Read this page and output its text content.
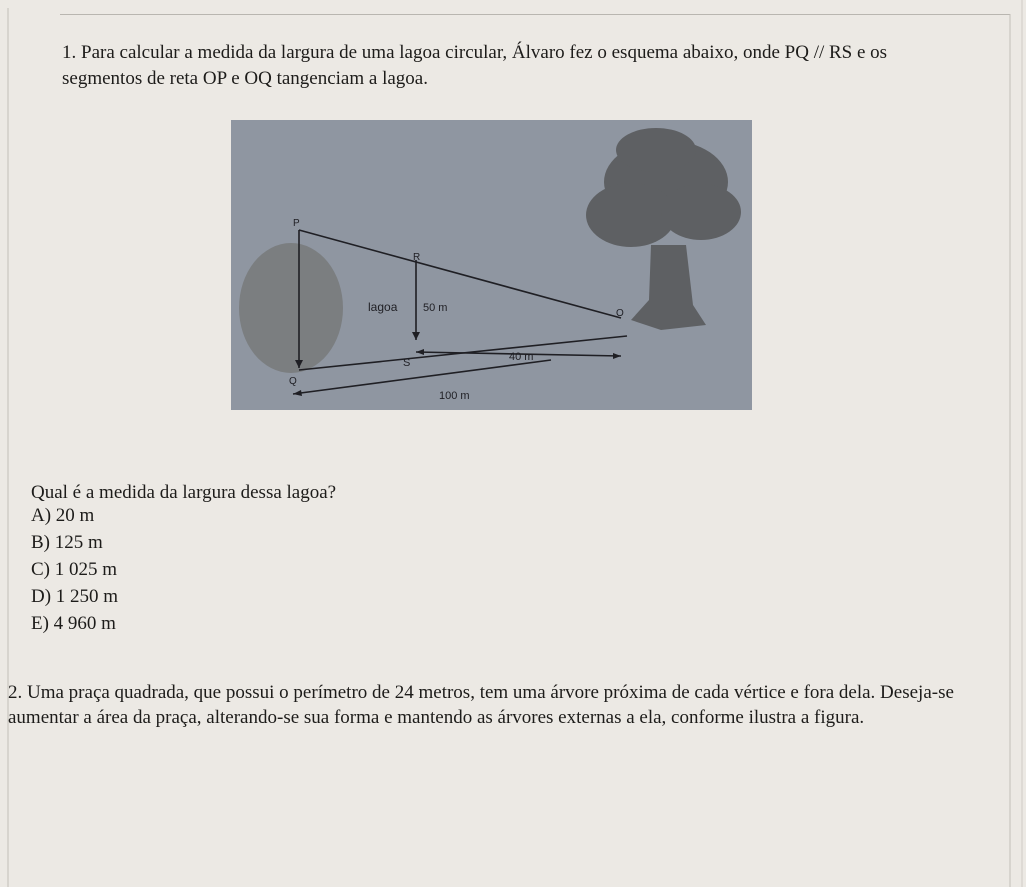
1. Para calcular a medida da largura de uma lagoa circular, Álvaro fez o esquema abaixo, onde PQ // RS e os segmentos de reta OP e OQ tangenciam a lagoa.
P
R
lagoa 50 m	O
S	40 m
Q
100 m
Qual é a medida da largura dessa lagoa?
A) 20 m
B) 125 m
C) 1 025 m
D) 1 250 m
E) 4 960 m
2. Uma praça quadrada, que possui o perímetro de 24 metros, tem uma árvore próxima de cada vértice e fora dela. Deseja-se aumentar a área da praça, alterando-se sua forma e mantendo as árvores externas a ela, conforme ilustra a figura.
